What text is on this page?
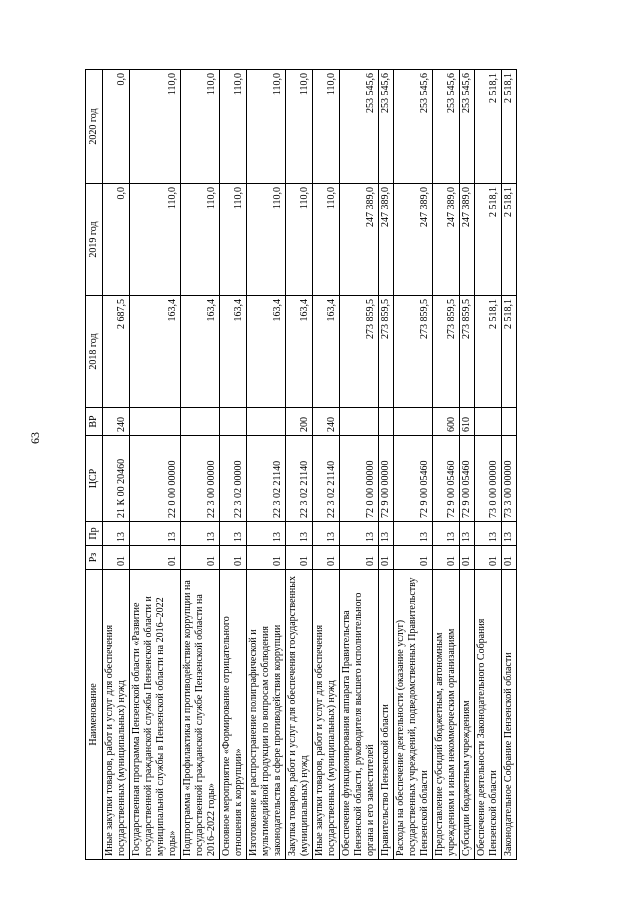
63
Наименование	Рз	Пр	ЦСР	ВР	2018 год	2019 год	2020 год
Иные закупки товаров, работ и услуг для обеспечения государственных (муниципальных) нужд	01	13	21 К 00 20460	240	2 687,5	0,0	0,0
Государственная программа Пензенской области «Развитие государственной гражданской службы Пензенской области и муниципальной службы в Пензенской области на 2016–2022 годы»	01	13	22 0 00 00000		163,4	110,0	110,0
Подпрограмма «Профилактика и противодействие коррупции на государственной гражданской службе Пензенской области на 2016–2022 годы»	01	13	22 3 00 00000		163,4	110,0	110,0
Основное мероприятие «Формирование отрицательного отношения к коррупции»	01	13	22 3 02 00000		163,4	110,0	110,0
Изготовление и распространение полиграфической и мультимедийной продукции по вопросам соблюдения законодательства в сфере противодействия коррупции	01	13	22 3 02 21140		163,4	110,0	110,0
Закупка товаров, работ и услуг для обеспечения государственных (муниципальных) нужд	01	13	22 3 02 21140	200	163,4	110,0	110,0
Иные закупки товаров, работ и услуг для обеспечения государственных (муниципальных) нужд	01	13	22 3 02 21140	240	163,4	110,0	110,0
Обеспечение функционирования аппарата Правительства Пензенской области, руководителя высшего исполнительного органа и его заместителей	01	13	72 0 00 00000		273 859,5	247 389,0	253 545,6
Правительство Пензенской области	01	13	72 9 00 00000		273 859,5	247 389,0	253 545,6
Расходы на обеспечение деятельности (оказание услуг) государственных учреждений, подведомственных Правительству Пензенской области	01	13	72 9 00 05460		273 859,5	247 389,0	253 545,6
Предоставление субсидий бюджетным, автономным учреждениям и иным некоммерческим организациям	01	13	72 9 00 05460	600	273 859,5	247 389,0	253 545,6
Субсидии бюджетным учреждениям	01	13	72 9 00 05460	610	273 859,5	247 389,0	253 545,6
Обеспечение деятельности Законодательного Собрания Пензенской области	01	13	73 0 00 00000		2 518,1	2 518,1	2 518,1
Законодательное Собрание Пензенской области	01	13	73 3 00 00000		2 518,1	2 518,1	2 518,1
